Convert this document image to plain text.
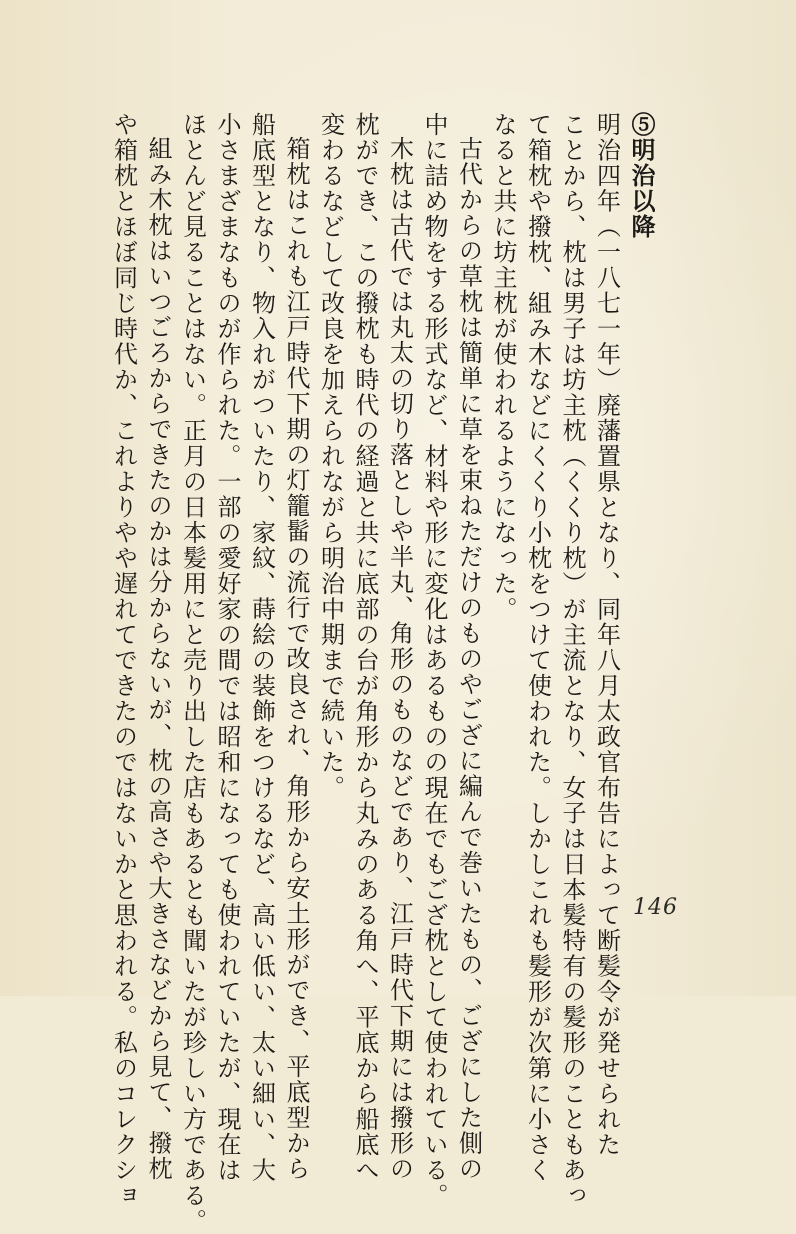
⑤明治以降
明治四年（一八七一年）廃藩置県となり、同年八月太政官布告によって断髪令が発せられた
ことから、枕は男子は坊主枕（くくり枕）が主流となり、女子は日本髪特有の髪形のこともあっ
て箱枕や撥枕、組み木などにくくり小枕をつけて使われた。しかしこれも髪形が次第に小さく
なると共に坊主枕が使われるようになった。
古代からの草枕は簡単に草を束ねただけのものやござに編んで巻いたもの、ござにした側の
中に詰め物をする形式など、材料や形に変化はあるものの現在でもござ枕として使われている。
木枕は古代では丸太の切り落としや半丸、角形のものなどであり、江戸時代下期には撥形の
枕ができ、この撥枕も時代の経過と共に底部の台が角形から丸みのある角へ、平底から船底へ
変わるなどして改良を加えられながら明治中期まで続いた。
箱枕はこれも江戸時代下期の灯籠髷の流行で改良され、角形から安土形ができ、平底型から
船底型となり、物入れがついたり、家紋、蒔絵の装飾をつけるなど、高い低い、太い細い、大
小さまざまなものが作られた。一部の愛好家の間では昭和になっても使われていたが、現在は
ほとんど見ることはない。正月の日本髪用にと売り出した店もあるとも聞いたが珍しい方である。
組み木枕はいつごろからできたのかは分からないが、枕の高さや大きさなどから見て、撥枕
や箱枕とほぼ同じ時代か、これよりやや遅れてできたのではないかと思われる。私のコレクショ	146
